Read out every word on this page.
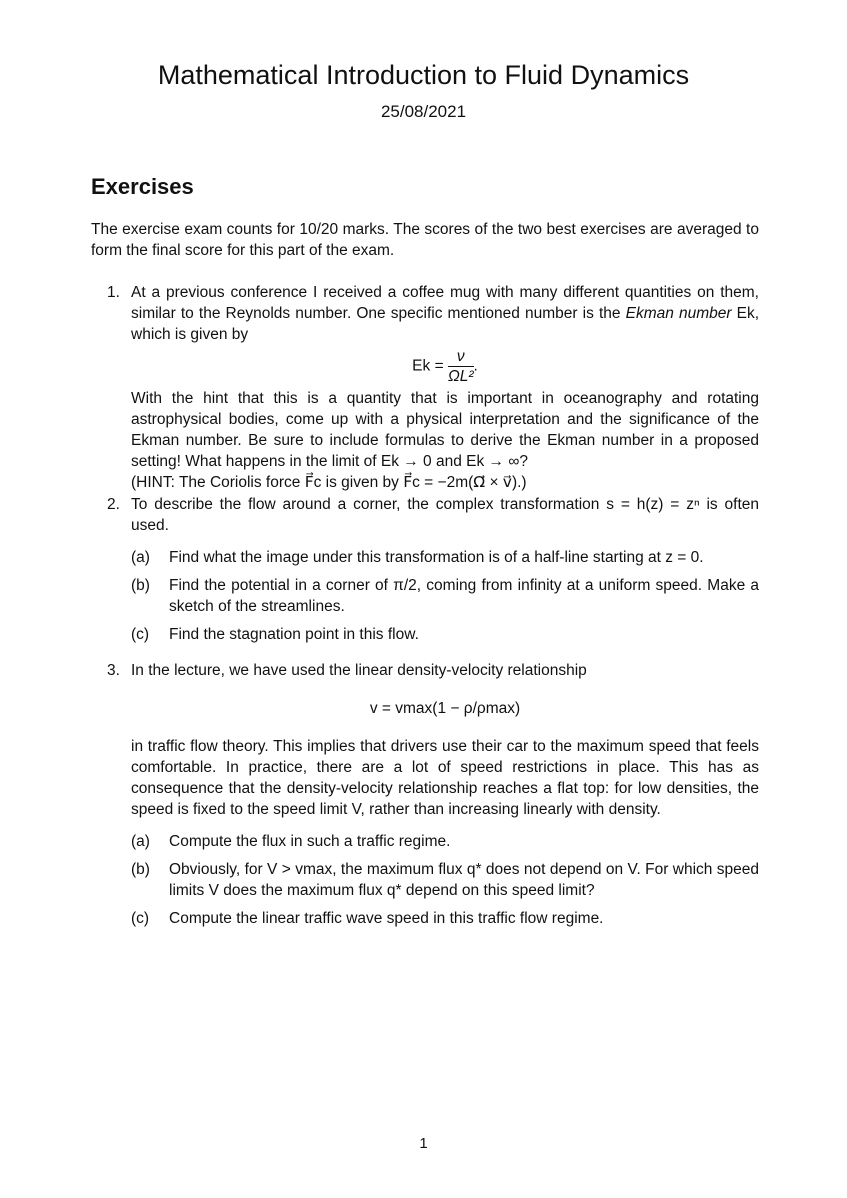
Mathematical Introduction to Fluid Dynamics
25/08/2021
Exercises
The exercise exam counts for 10/20 marks. The scores of the two best exercises are averaged to form the final score for this part of the exam.
1. At a previous conference I received a coffee mug with many different quantities on them, similar to the Reynolds number. One specific mentioned number is the Ekman number Ek, which is given by

$Ek = \frac{\nu}{\text{ΩL²}}$ .

With the hint that this is a quantity that is important in oceanography and rotating astrophysical bodies, come up with a physical interpretation and the significance of the Ekman number. Be sure to include formulas to derive the Ekman number in a proposed setting! What happens in the limit of Ek → 0 and Ek → ∞?

(HINT: The Coriolis force F⃗c is given by F⃗c = −2m(Ω⃗ × v⃗).)

2. To describe the flow around a corner, the complex transformation s = h(z) = zⁿ is often used.

(a) Find what the image under this transformation is of a half-line starting at z = 0.
(b) Find the potential in a corner of π/2, coming from infinity at a uniform speed. Make a sketch of the streamlines.
(c) Find the stagnation point in this flow.
3. In the lecture, we have used the linear density-velocity relationship

v = vmax(1 − ρ/ρmax)

in traffic flow theory. This implies that drivers use their car to the maximum speed that feels comfortable. In practice, there are a lot of speed restrictions in place. This has as consequence that the density-velocity relationship reaches a flat top: for low densities, the speed is fixed to the speed limit V, rather than increasing linearly with density.

(a) Compute the flux in such a traffic regime.
(b) Obviously, for V > vmax, the maximum flux q* does not depend on V. For which speed limits V does the maximum flux q* depend on this speed limit?
(c) Compute the linear traffic wave speed in this traffic flow regime.
1
